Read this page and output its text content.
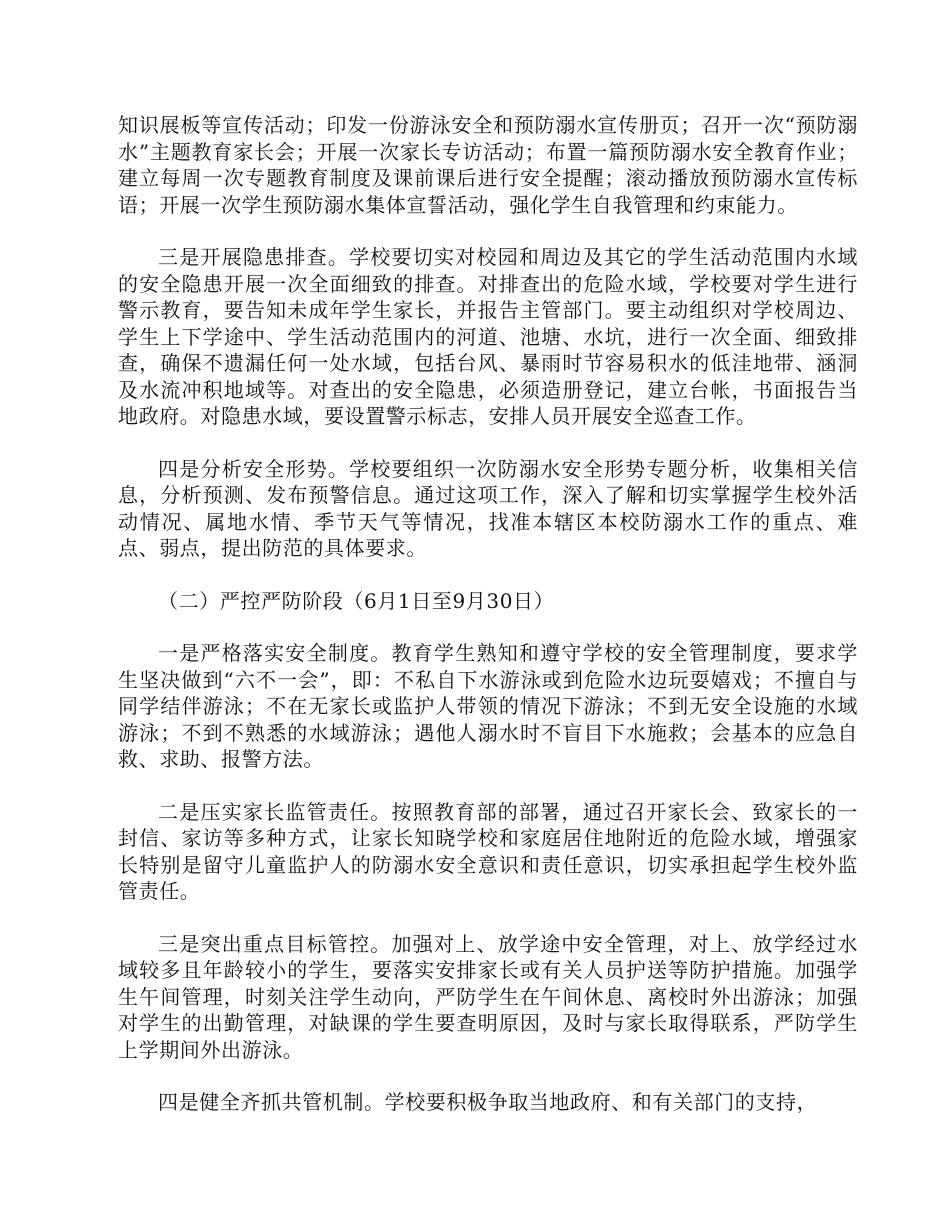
知识展板等宣传活动；印发一份游泳安全和预防溺水宣传册页；召开一次“预防溺水”主题教育家长会；开展一次家长专访活动；布置一篇预防溺水安全教育作业；建立每周一次专题教育制度及课前课后进行安全提醒；滚动播放预防溺水宣传标语；开展一次学生预防溺水集体宣誓活动，强化学生自我管理和约束能力。

三是开展隐患排查。学校要切实对校园和周边及其它的学生活动范围内水域的安全隐患开展一次全面细致的排查。对排查出的危险水域，学校要对学生进行警示教育，要告知未成年学生家长，并报告主管部门。要主动组织对学校周边、学生上下学途中、学生活动范围内的河道、池塘、水坑，进行一次全面、细致排查，确保不遗漏任何一处水域，包括台风、暴雨时节容易积水的低洼地带、涵洞及水流冲积地域等。对查出的安全隐患，必须造册登记，建立台帐，书面报告当地政府。对隐患水域，要设置警示标志，安排人员开展安全巡查工作。

四是分析安全形势。学校要组织一次防溺水安全形势专题分析，收集相关信息，分析预测、发布预警信息。通过这项工作，深入了解和切实掌握学生校外活动情况、属地水情、季节天气等情况，找准本辖区本校防溺水工作的重点、难点、弱点，提出防范的具体要求。

（二）严控严防阶段（6月1日至9月30日）

一是严格落实安全制度。教育学生熟知和遵守学校的安全管理制度，要求学生坚决做到“六不一会”，即：不私自下水游泳或到危险水边玩耍嬉戏；不擅自与同学结伴游泳；不在无家长或监护人带领的情况下游泳；不到无安全设施的水域游泳；不到不熟悉的水域游泳；遇他人溺水时不盲目下水施救；会基本的应急自救、求助、报警方法。

二是压实家长监管责任。按照教育部的部署，通过召开家长会、致家长的一封信、家访等多种方式，让家长知晓学校和家庭居住地附近的危险水域，增强家长特别是留守儿童监护人的防溺水安全意识和责任意识，切实承担起学生校外监管责任。

三是突出重点目标管控。加强对上、放学途中安全管理，对上、放学经过水域较多且年龄较小的学生，要落实安排家长或有关人员护送等防护措施。加强学生午间管理，时刻关注学生动向，严防学生在午间休息、离校时外出游泳；加强对学生的出勤管理，对缺课的学生要查明原因，及时与家长取得联系，严防学生上学期间外出游泳。

四是健全齐抓共管机制。学校要积极争取当地政府、和有关部门的支持，
